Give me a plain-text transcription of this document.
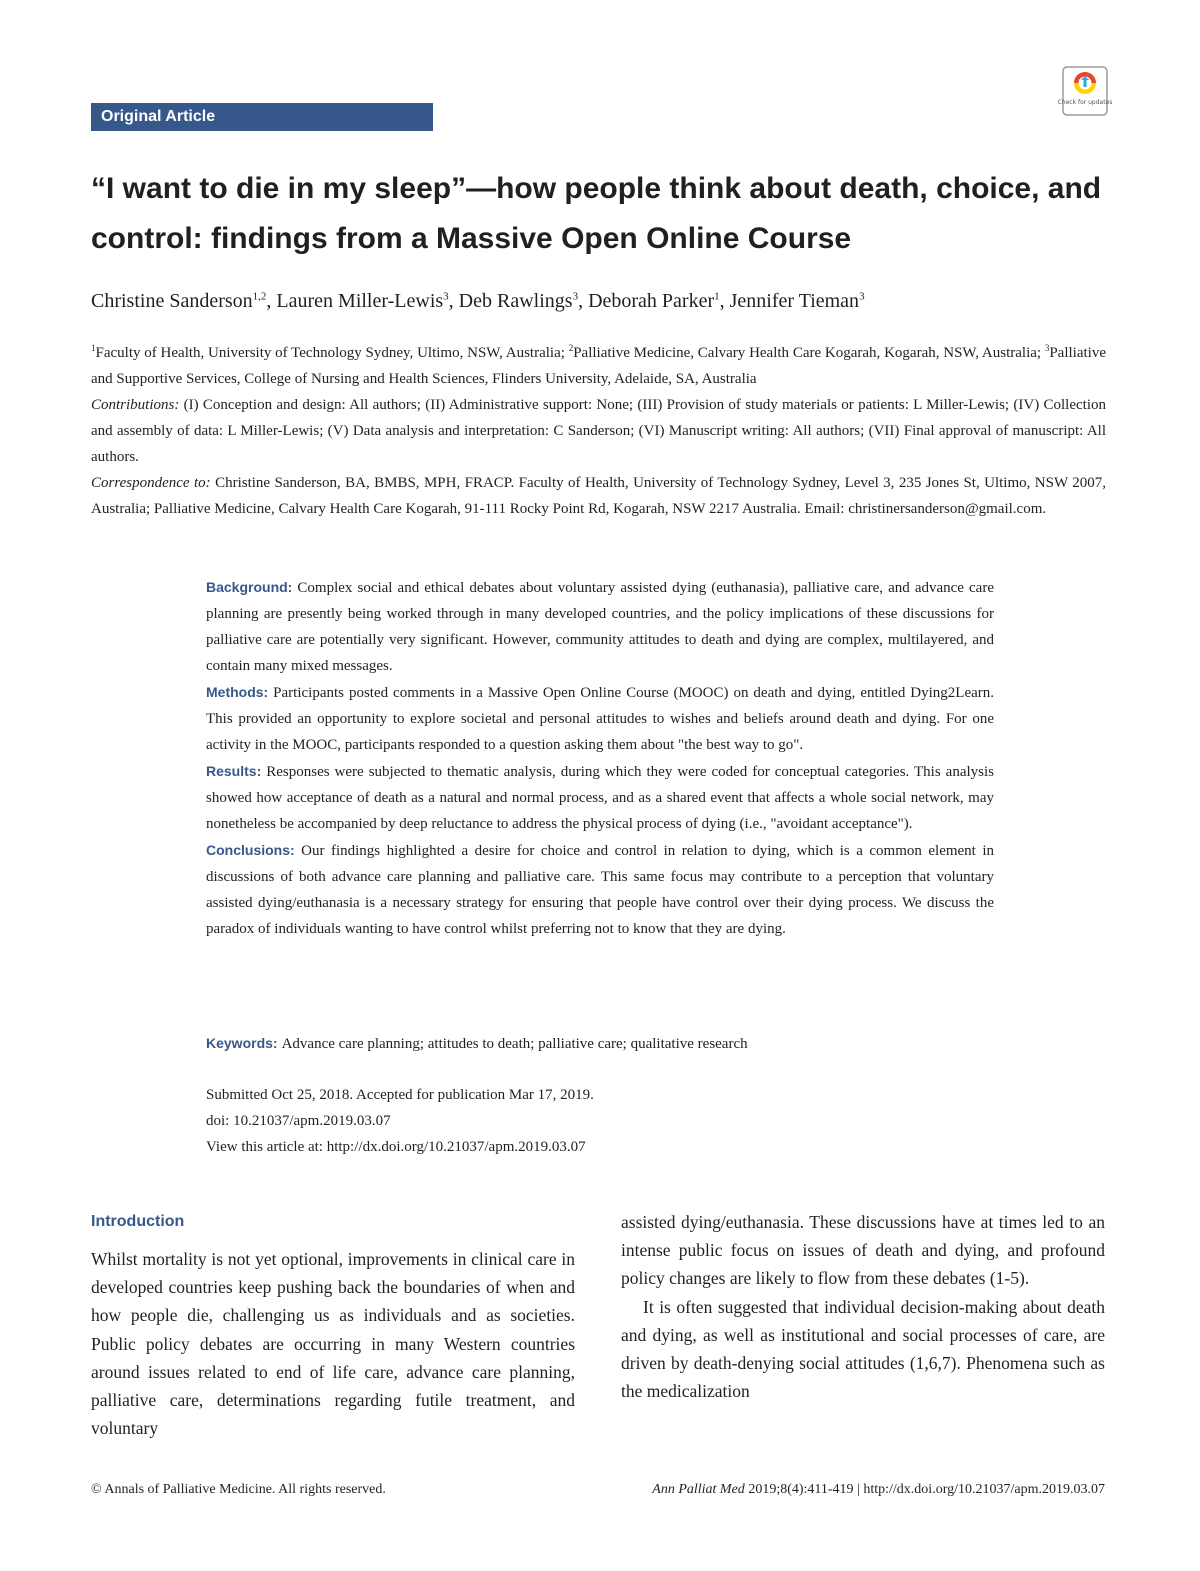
Original Article
Check for updates
“I want to die in my sleep”—how people think about death, choice, and control: findings from a Massive Open Online Course
Christine Sanderson$^{1,2}$, Lauren Miller-Lewis$^3$, Deb Rawlings$^3$, Deborah Parker$^1$, Jennifer Tieman$^3$
$^1$Faculty of Health, University of Technology Sydney, Ultimo, NSW, Australia; $^2$Palliative Medicine, Calvary Health Care Kogarah, Kogarah, NSW, Australia; $^3$Palliative and Supportive Services, College of Nursing and Health Sciences, Flinders University, Adelaide, SA, Australia
Contributions: (I) Conception and design: All authors; (II) Administrative support: None; (III) Provision of study materials or patients: L Miller-Lewis; (IV) Collection and assembly of data: L Miller-Lewis; (V) Data analysis and interpretation: C Sanderson; (VI) Manuscript writing: All authors; (VII) Final approval of manuscript: All authors.
Correspondence to: Christine Sanderson, BA, BMBS, MPH, FRACP. Faculty of Health, University of Technology Sydney, Level 3, 235 Jones St, Ultimo, NSW 2007, Australia; Palliative Medicine, Calvary Health Care Kogarah, 91-111 Rocky Point Rd, Kogarah, NSW 2217 Australia. Email: christinersanderson@gmail.com.

Background: Complex social and ethical debates about voluntary assisted dying (euthanasia), palliative care, and advance care planning are presently being worked through in many developed countries, and the policy implications of these discussions for palliative care are potentially very significant. However, community attitudes to death and dying are complex, multilayered, and contain many mixed messages.

Methods: Participants posted comments in a Massive Open Online Course (MOOC) on death and dying, entitled Dying2Learn. This provided an opportunity to explore societal and personal attitudes to wishes and beliefs around death and dying. For one activity in the MOOC, participants responded to a question asking them about "the best way to go".

Results: Responses were subjected to thematic analysis, during which they were coded for conceptual categories. This analysis showed how acceptance of death as a natural and normal process, and as a shared event that affects a whole social network, may nonetheless be accompanied by deep reluctance to address the physical process of dying (i.e., "avoidant acceptance").

Conclusions: Our findings highlighted a desire for choice and control in relation to dying, which is a common element in discussions of both advance care planning and palliative care. This same focus may contribute to a perception that voluntary assisted dying/euthanasia is a necessary strategy for ensuring that people have control over their dying process. We discuss the paradox of individuals wanting to have control whilst preferring not to know that they are dying.

Keywords: Advance care planning; attitudes to death; palliative care; qualitative research
Submitted Oct 25, 2018. Accepted for publication Mar 17, 2019.
doi: 10.21037/apm.2019.03.07
View this article at: http://dx.doi.org/10.21037/apm.2019.03.07
Introduction

Whilst mortality is not yet optional, improvements in clinical care in developed countries keep pushing back the boundaries of when and how people die, challenging us as individuals and as societies. Public policy debates are occurring in many Western countries around issues related to end of life care, advance care planning, palliative care, determinations regarding futile treatment, and voluntary

assisted dying/euthanasia. These discussions have at times led to an intense public focus on issues of death and dying, and profound policy changes are likely to flow from these debates (1-5).

It is often suggested that individual decision-making about death and dying, as well as institutional and social processes of care, are driven by death-denying social attitudes (1,6,7). Phenomena such as the medicalization

© Annals of Palliative Medicine. All rights reserved.	Ann Palliat Med 2019;8(4):411-419 | http://dx.doi.org/10.21037/apm.2019.03.07
